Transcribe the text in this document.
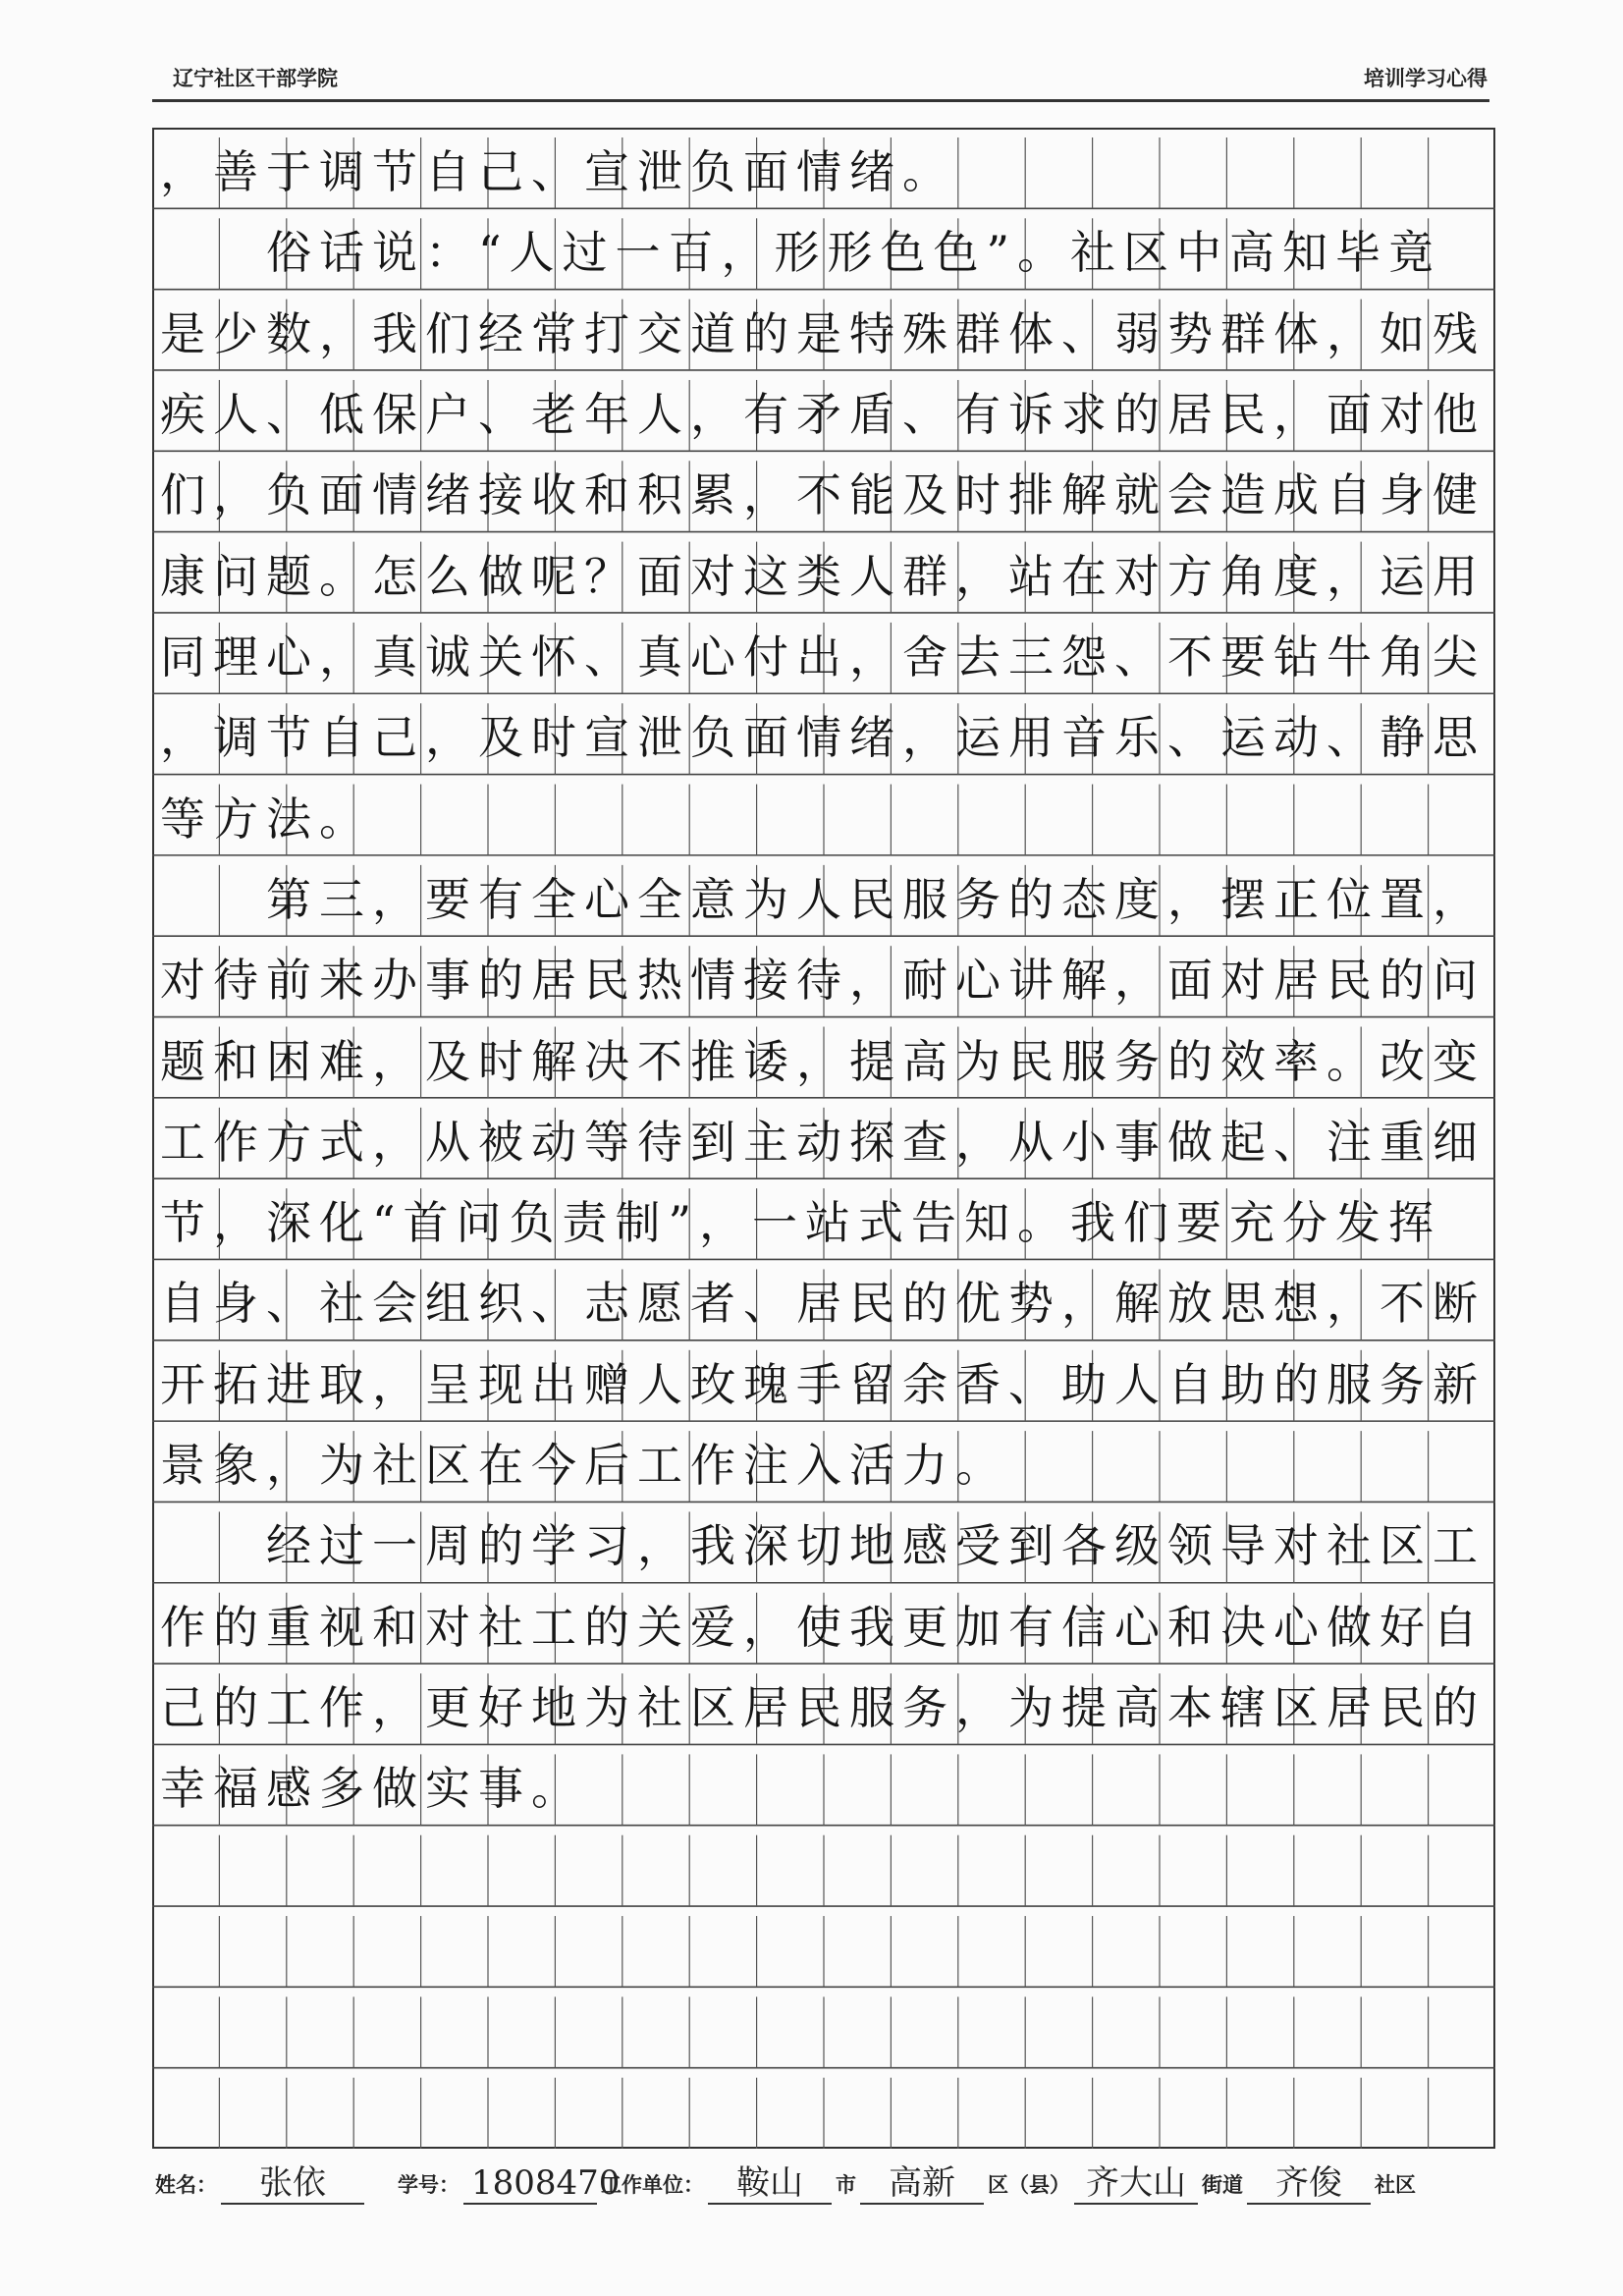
辽宁社区干部学院	培训学习心得
，善于调节自己、宣泄负面情绪。
　　俗话说：“人过一百，形形色色”。社区中高知毕竟
是少数，我们经常打交道的是特殊群体、弱势群体，如残
疾人、低保户、老年人，有矛盾、有诉求的居民，面对他
们，负面情绪接收和积累，不能及时排解就会造成自身健
康问题。怎么做呢？面对这类人群，站在对方角度，运用
同理心，真诚关怀、真心付出，舍去三怨、不要钻牛角尖
，调节自己，及时宣泄负面情绪，运用音乐、运动、静思
等方法。
　　第三，要有全心全意为人民服务的态度，摆正位置，
对待前来办事的居民热情接待，耐心讲解，面对居民的问
题和困难，及时解决不推诿，提高为民服务的效率。改变
工作方式，从被动等待到主动探查，从小事做起、注重细
节，深化“首问负责制”，一站式告知。我们要充分发挥
自身、社会组织、志愿者、居民的优势，解放思想，不断
开拓进取，呈现出赠人玫瑰手留余香、助人自助的服务新
景象，为社区在今后工作注入活力。
　　经过一周的学习，我深切地感受到各级领导对社区工
作的重视和对社工的关爱，使我更加有信心和决心做好自
己的工作，更好地为社区居民服务，为提高本辖区居民的
幸福感多做实事。
姓名：	张依	学号： 1808470
工作单位： 鞍山	市 高新	区（县） 齐大山 街道 齐俊	社区
